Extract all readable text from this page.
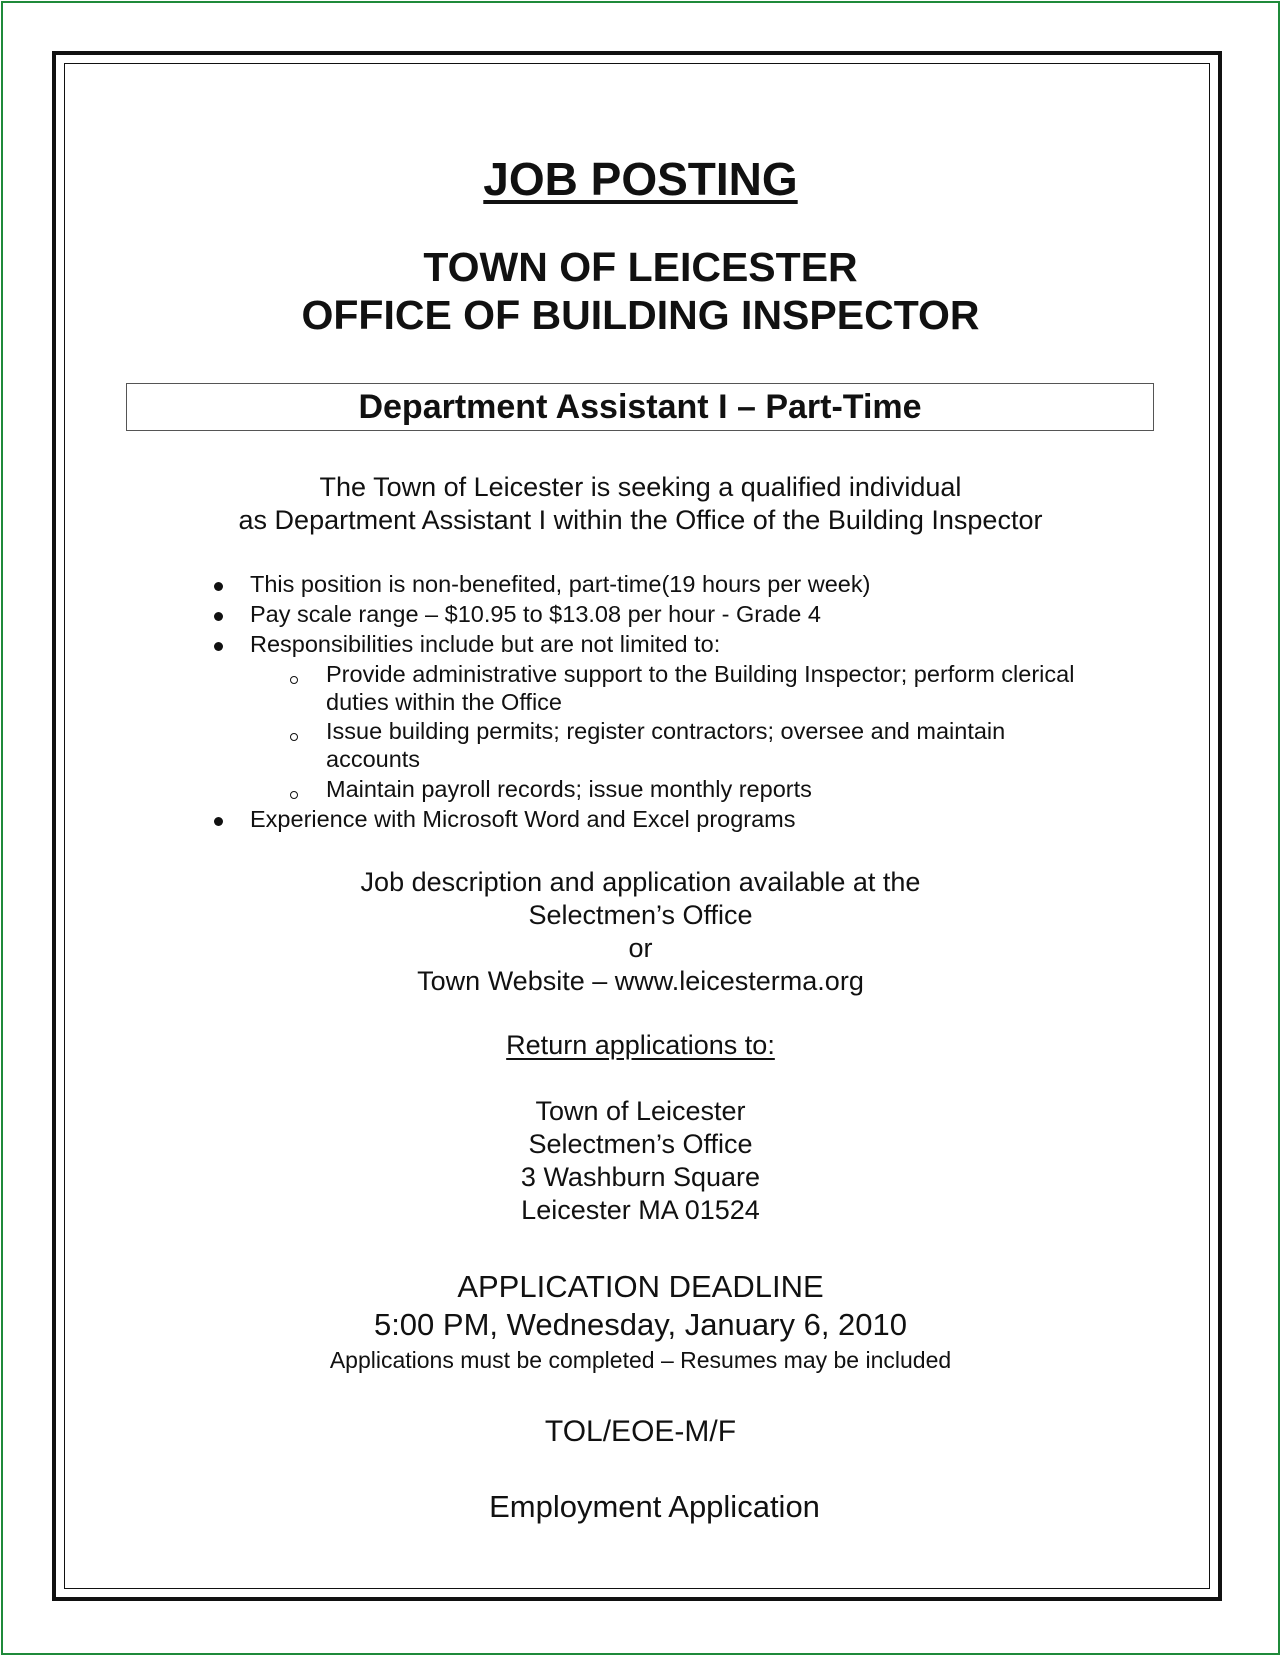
JOB POSTING
TOWN OF LEICESTER
OFFICE OF BUILDING INSPECTOR
Department Assistant I – Part-Time
The Town of Leicester is seeking a qualified individual
as Department Assistant I within the Office of the Building Inspector
This position is non-benefited, part-time(19 hours per week)
Pay scale range – $10.95 to $13.08 per hour - Grade 4
Responsibilities include but are not limited to:
Provide administrative support to the Building Inspector; perform clerical
duties within the Office
Issue building permits; register contractors; oversee and maintain
accounts
Maintain payroll records; issue monthly reports
Experience with Microsoft Word and Excel programs
Job description and application available at the
Selectmen’s Office
or
Town Website – www.leicesterma.org
Return applications to:
Town of Leicester
Selectmen’s Office
3 Washburn Square
Leicester MA 01524
APPLICATION DEADLINE
5:00 PM, Wednesday, January 6, 2010
Applications must be completed – Resumes may be included
TOL/EOE-M/F
Employment Application
